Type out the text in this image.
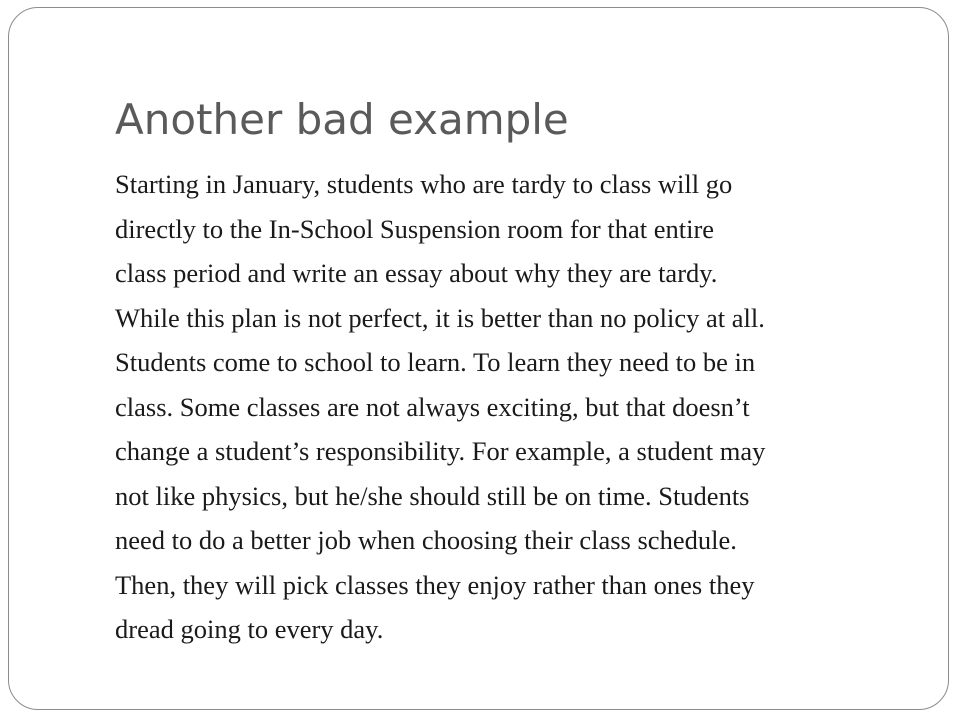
Another bad example

Starting in January, students who are tardy to class will go
directly to the In-School Suspension room for that entire
class period and write an essay about why they are tardy.

While this plan is not perfect, it is better than no policy at all.

Students come to school to learn. To learn they need to be in
class. Some classes are not always exciting, but that doesn’t
change a student’s responsibility. For example, a student may
not like physics, but he/she should still be on time. Students
need to do a better job when choosing their class schedule.
Then, they will pick classes they enjoy rather than ones they
dread going to every day.
